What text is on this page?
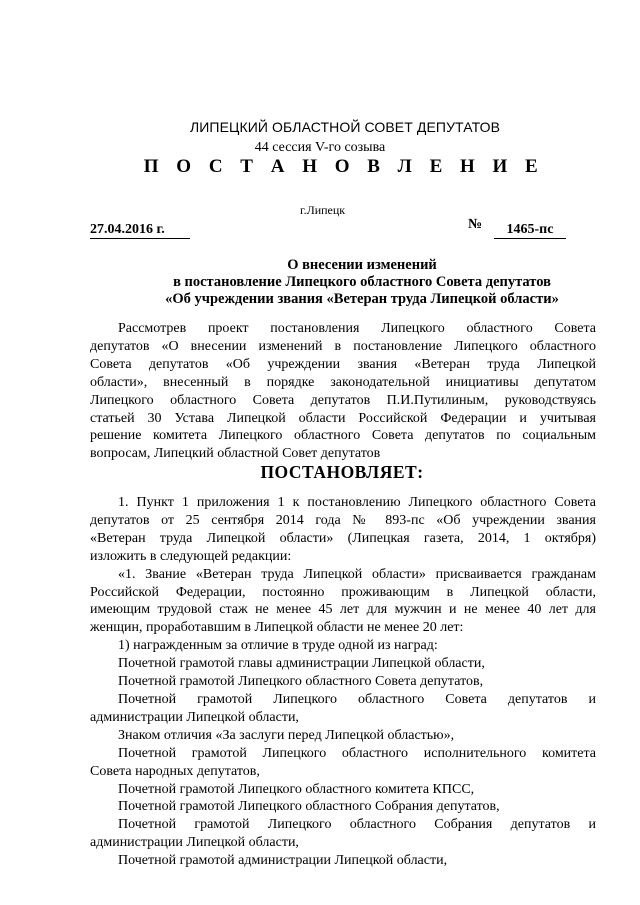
ЛИПЕЦКИЙ ОБЛАСТНОЙ СОВЕТ ДЕПУТАТОВ
44 сессия V-го созыва
П О С Т А Н О В Л Е Н И Е
г.Липецк
27.04.2016 г.	№	1465-пс
О внесении изменений
в постановление Липецкого областного Совета депутатов
«Об учреждении звания «Ветеран труда Липецкой области»
Рассмотрев проект постановления Липецкого областного Совета
депутатов «О внесении изменений в постановление Липецкого областного
Совета депутатов «Об учреждении звания «Ветеран труда Липецкой
области», внесенный в порядке законодательной инициативы депутатом
Липецкого областного Совета депутатов П.И.Путилиным, руководствуясь
статьей 30 Устава Липецкой области Российской Федерации и учитывая
решение комитета Липецкого областного Совета депутатов по социальным
вопросам, Липецкий областной Совет депутатов
ПОСТАНОВЛЯЕТ:
1. Пункт 1 приложения 1 к постановлению Липецкого областного Совета
депутатов от 25 сентября 2014 года № 893-пс «Об учреждении звания
«Ветеран труда Липецкой области» (Липецкая газета, 2014, 1 октября)
изложить в следующей редакции:
«1. Звание «Ветеран труда Липецкой области» присваивается гражданам
Российской Федерации, постоянно проживающим в Липецкой области,
имеющим трудовой стаж не менее 45 лет для мужчин и не менее 40 лет для
женщин, проработавшим в Липецкой области не менее 20 лет:
1) награжденным за отличие в труде одной из наград:
Почетной грамотой главы администрации Липецкой области,
Почетной грамотой Липецкого областного Совета депутатов,
Почетной грамотой Липецкого областного Совета депутатов и
администрации Липецкой области,
Знаком отличия «За заслуги перед Липецкой областью»,
Почетной грамотой Липецкого областного исполнительного комитета
Совета народных депутатов,
Почетной грамотой Липецкого областного комитета КПСС,
Почетной грамотой Липецкого областного Собрания депутатов,
Почетной грамотой Липецкого областного Собрания депутатов и
администрации Липецкой области,
Почетной грамотой администрации Липецкой области,
